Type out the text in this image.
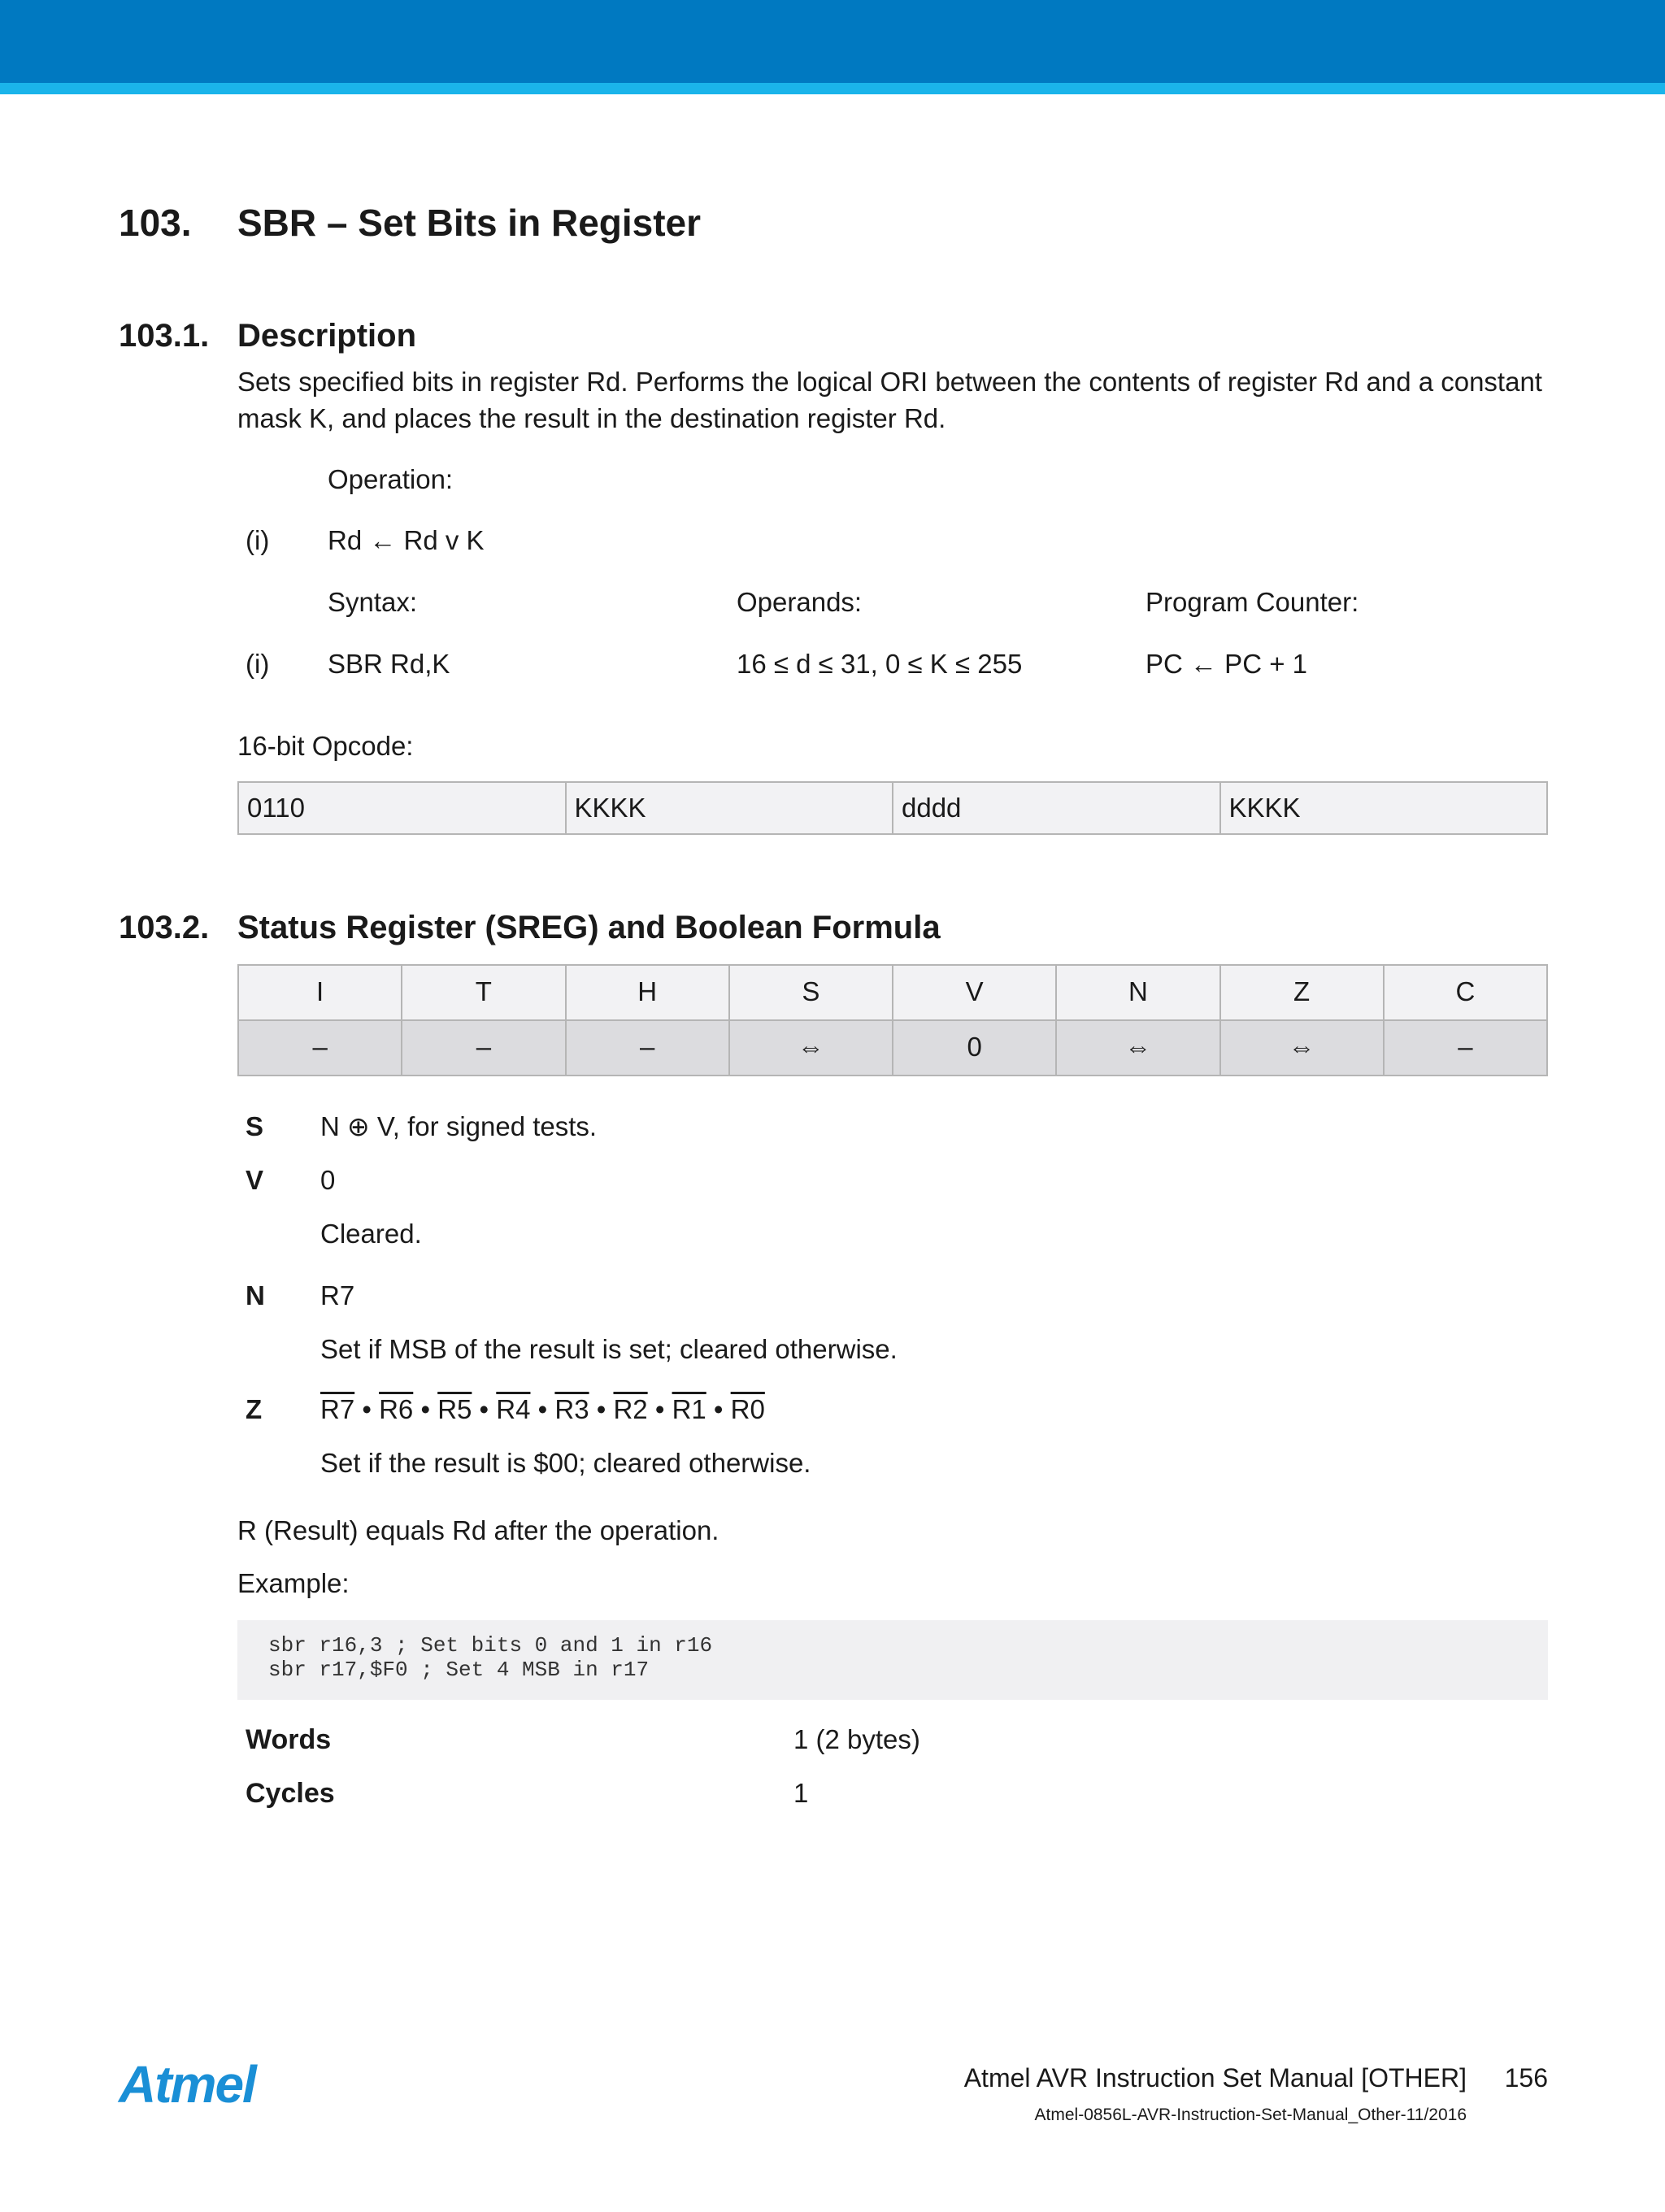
103. SBR – Set Bits in Register
103.1. Description
Sets specified bits in register Rd. Performs the logical ORI between the contents of register Rd and a constant mask K, and places the result in the destination register Rd.
Operation:
(i) Rd ← Rd v K
Syntax:	Operands:	Program Counter:
(i) SBR Rd,K	16 ≤ d ≤ 31, 0 ≤ K ≤ 255	PC ← PC + 1
16-bit Opcode:
0110	KKKK	dddd	KKKK
103.2. Status Register (SREG) and Boolean Formula
I	T	H	S	V	N	Z	C
–	–	–	⇔	0	⇔	⇔	–
S N ⊕ V, for signed tests.
V 0
Cleared.
N R7
Set if MSB of the result is set; cleared otherwise.
Z R7 • R6 • R5 • R4 • R3 • R2 • R1 • R0
Set if the result is $00; cleared otherwise.
R (Result) equals Rd after the operation.
Example:
sbr r16,3 ; Set bits 0 and 1 in r16
sbr r17,$F0 ; Set 4 MSB in r17
Words	1 (2 bytes)
Cycles	1
Atmel	Atmel AVR Instruction Set Manual [OTHER] 156
Atmel-0856L-AVR-Instruction-Set-Manual_Other-11/2016
